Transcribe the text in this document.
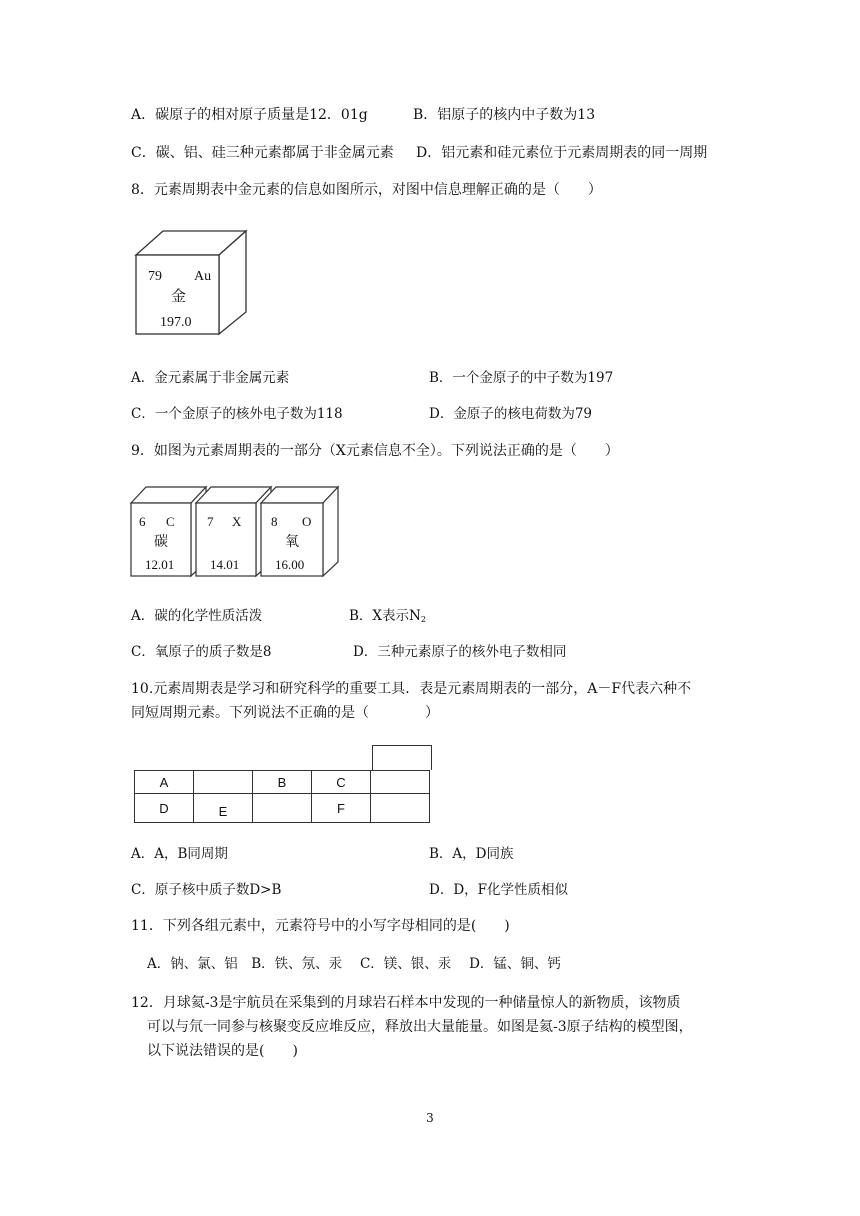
A．碳原子的相对原子质量是12．01g	B．铝原子的核内中子数为13
C．碳、铝、硅三种元素都属于非金属元素 D．铝元素和硅元素位于元素周期表的同一周期
8．元素周期表中金元素的信息如图所示，对图中信息理解正确的是（　　）
79 Au
金
197.0
A．金元素属于非金属元素	B．一个金原子的中子数为197
C．一个金原子的核外电子数为118	D．金原子的核电荷数为79
9．如图为元素周期表的一部分（X元素信息不全）。下列说法正确的是（　　）
6 C
碳
12.01
7 X
14.01
8 O
氧
16.00
A．碳的化学性质活泼	B．X表示$N_2$
C．氧原子的质子数是8	D．三种元素原子的核外电子数相同
10.元素周期表是学习和研究科学的重要工具．表是元素周期表的一部分，A－F代表六种不
同短周期元素。下列说法不正确的是（　　　　）
A		B	C	
D	E		F	
A．A，B同周期	B．A，D同族
C．原子核中质子数D>B	D．D，F化学性质相似
11．下列各组元素中，元素符号中的小写字母相同的是(　　)
A．钠、氯、铝　B．铁、氖、汞　 C．镁、银、汞　 D．锰、铜、钙
12．月球氦-3是宇航员在采集到的月球岩石样本中发现的一种储量惊人的新物质，该物质
可以与氘一同参与核聚变反应堆反应，释放出大量能量。如图是氦-3原子结构的模型图，
以下说法错误的是(　　)
3
